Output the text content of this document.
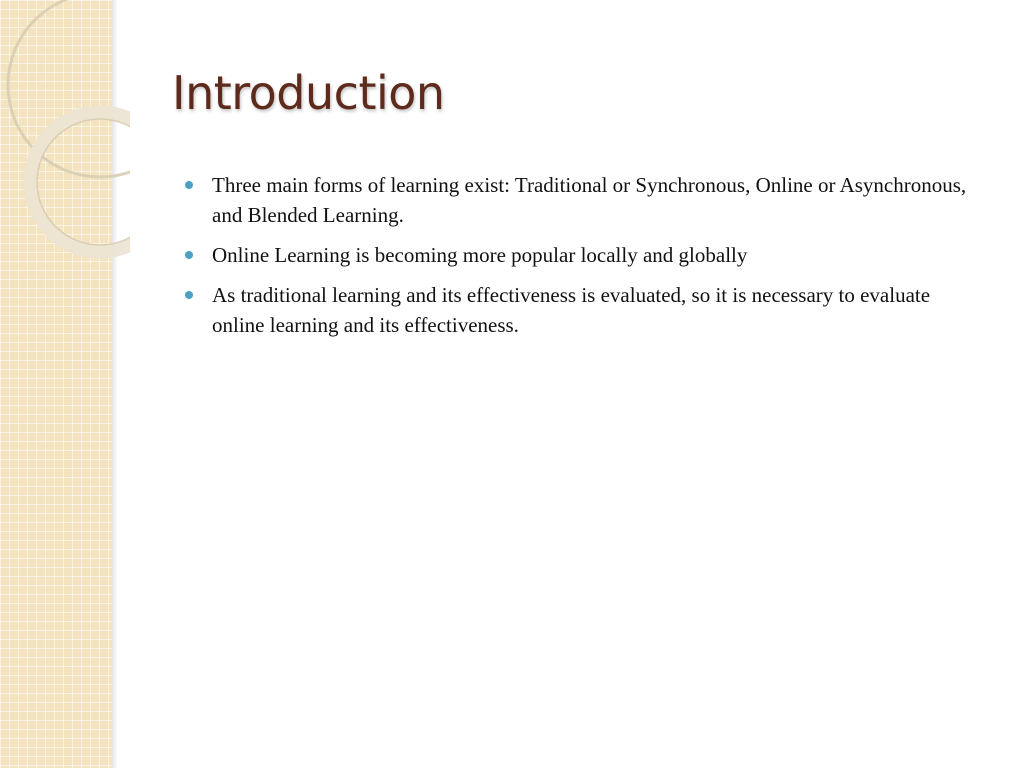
Introduction
Three main forms of learning exist: Traditional or Synchronous, Online or Asynchronous, and Blended Learning.
Online Learning is becoming more popular locally and globally
As traditional learning and its effectiveness is evaluated, so it is necessary to evaluate online learning and its effectiveness.
